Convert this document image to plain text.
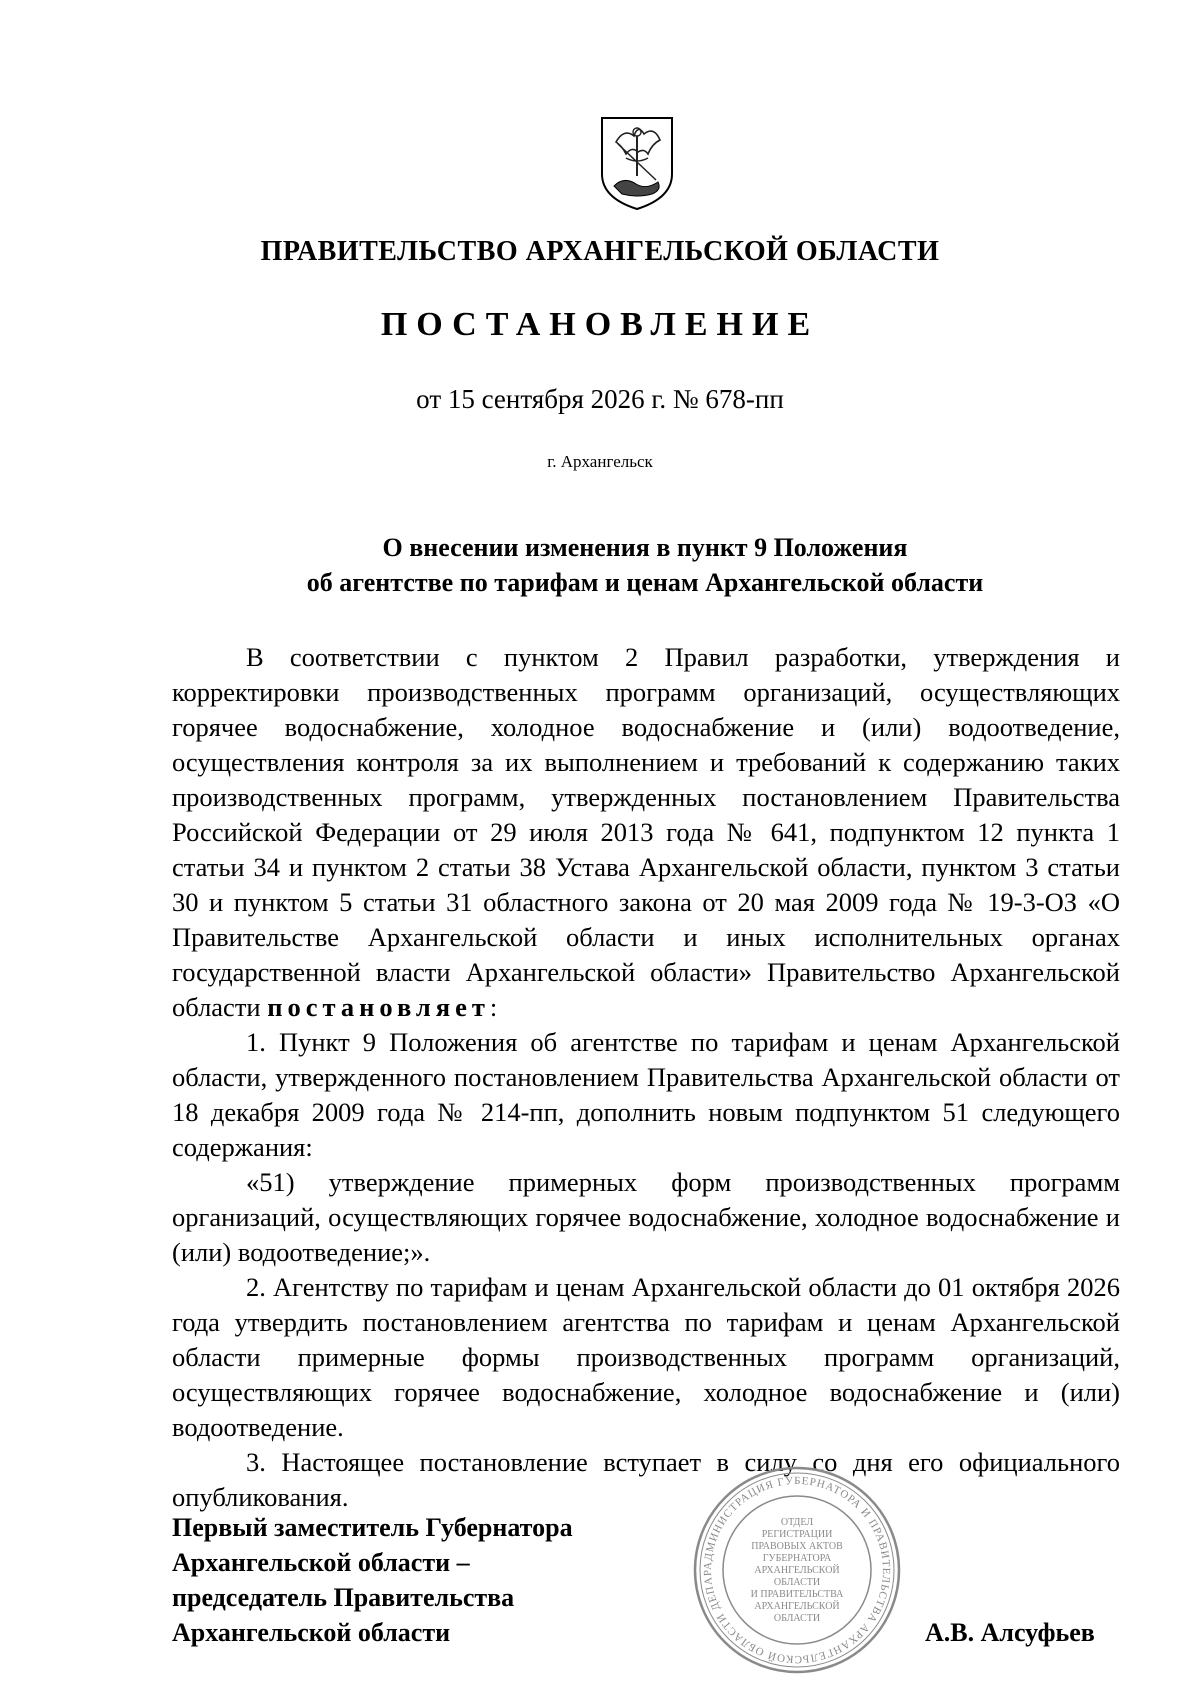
ПРАВИТЕЛЬСТВО АРХАНГЕЛЬСКОЙ ОБЛАСТИ
ПОСТАНОВЛЕНИЕ
от 15 сентября 2026 г. № 678-пп
г. Архангельск
О внесении изменения в пункт 9 Положения
об агентстве по тарифам и ценам Архангельской области

В соответствии с пунктом 2 Правил разработки, утверждения и корректировки производственных программ организаций, осуществляющих горячее водоснабжение, холодное водоснабжение и (или) водоотведение, осуществления контроля за их выполнением и требований к содержанию таких производственных программ, утвержденных постановлением Правительства Российской Федерации от 29 июля 2013 года № 641, подпунктом 12 пункта 1 статьи 34 и пунктом 2 статьи 38 Устава Архангельской области, пунктом 3 статьи 30 и пунктом 5 статьи 31 областного закона от 20 мая 2009 года № 19-3-ОЗ «О Правительстве Архангельской области и иных исполнительных органах государственной власти Архангельской области» Правительство Архангельской области постановляет:

1. Пункт 9 Положения об агентстве по тарифам и ценам Архангельской области, утвержденного постановлением Правительства Архангельской области от 18 декабря 2009 года № 214-пп, дополнить новым подпунктом 51 следующего содержания:

«51) утверждение примерных форм производственных программ организаций, осуществляющих горячее водоснабжение, холодное водоснабжение и (или) водоотведение;».

2. Агентству по тарифам и ценам Архангельской области до 01 октября 2026 года утвердить постановлением агентства по тарифам и ценам Архангельской области примерные формы производственных программ организаций, осуществляющих горячее водоснабжение, холодное водоснабжение и (или) водоотведение.

3. Настоящее постановление вступает в силу со дня его официального опубликования.

Первый заместитель Губернатора
Архангельской области –
председатель Правительства
Архангельской области
АДМИНИСТРАЦИЯ ГУБЕРНАТОРА И ПРАВИТЕЛЬСТВА АРХАНГЕЛЬСКОЙ ОБЛАСТИ ДЕПАР
ОТДЕЛ
РЕГИСТРАЦИИ
ПРАВОВЫХ АКТОВ
ГУБЕРНАТОРА
АРХАНГЕЛЬСКОЙ
ОБЛАСТИ
И ПРАВИТЕЛЬСТВА
АРХАНГЕЛЬСКОЙ
ОБЛАСТИ	А.В. Алсуфьев
